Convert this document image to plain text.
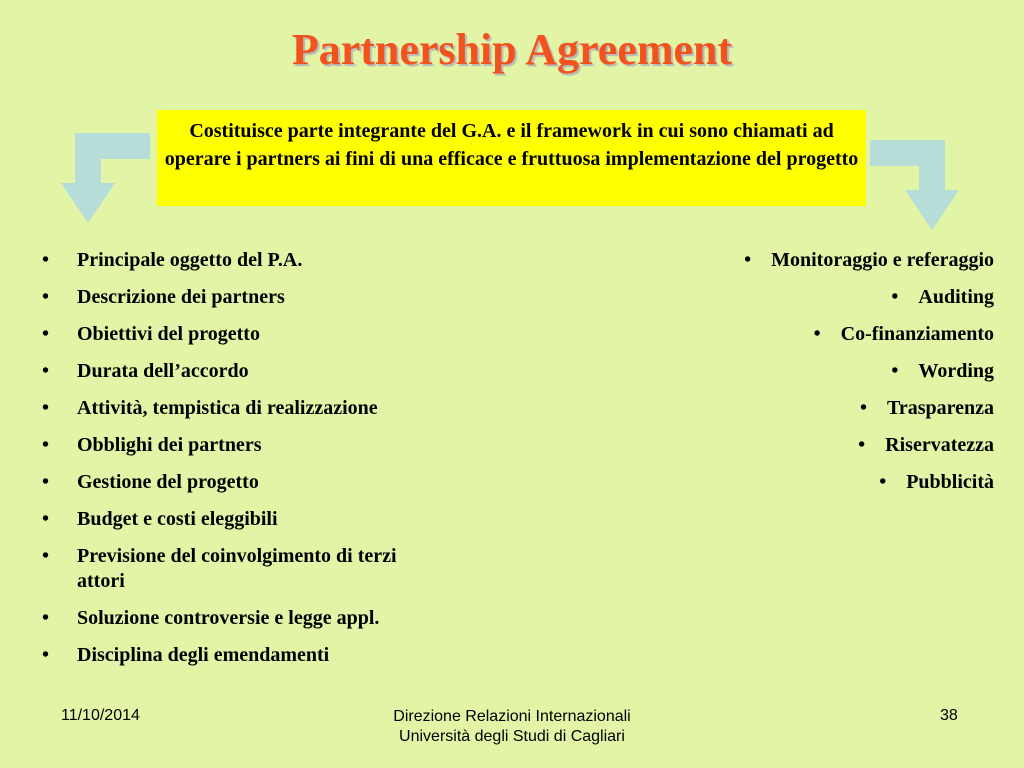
Partnership Agreement
Costituisce parte integrante del G.A. e il framework in cui sono chiamati ad operare i partners ai fini di una efficace e fruttuosa implementazione del progetto
•	Principale oggetto del P.A.
•	Descrizione dei partners
•	Obiettivi del progetto
•	Durata dell’accordo
•	Attività, tempistica di realizzazione
•	Obblighi dei partners
•	Gestione del progetto
•	Budget e costi eleggibili
•	Previsione del coinvolgimento di terzi attori
•	Soluzione controversie e legge appl.
•	Disciplina degli emendamenti
• Monitoraggio e referaggio
• Auditing
• Co-finanziamento
• Wording
• Trasparenza
• Riservatezza
• Pubblicità
11/10/2014	Direzione Relazioni Internazionali
Università degli Studi di Cagliari
38
